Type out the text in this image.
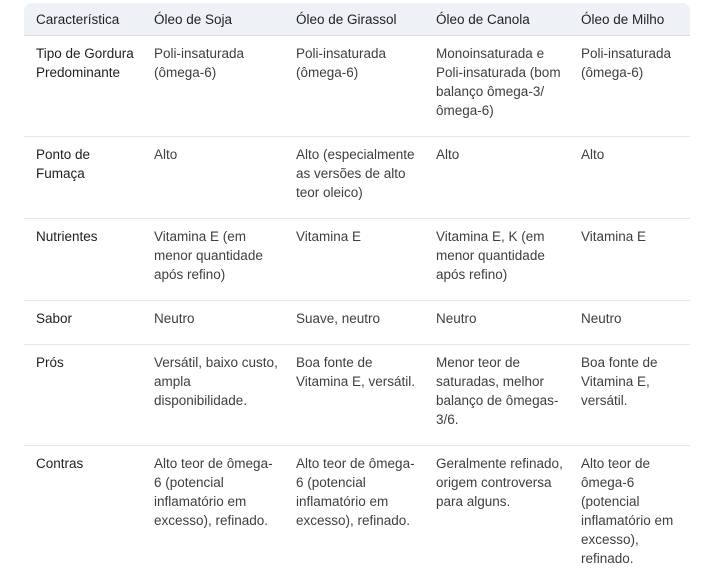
Característica	Óleo de Soja	Óleo de Girassol	Óleo de Canola	Óleo de Milho
Tipo de Gordura Predominante	Poli-insaturada (ômega-6)	Poli-insaturada (ômega-6)	Monoinsaturada e Poli-insaturada (bom balanço ômega-3/ômega-6)	Poli-insaturada (ômega-6)
Ponto de Fumaça	Alto	Alto (especialmente as versões de alto teor oleico)	Alto	Alto
Nutrientes	Vitamina E (em menor quantidade após refino)	Vitamina E	Vitamina E, K (em menor quantidade após refino)	Vitamina E
Sabor	Neutro	Suave, neutro	Neutro	Neutro
Prós	Versátil, baixo custo, ampla disponibilidade.	Boa fonte de Vitamina E, versátil.	Menor teor de saturadas, melhor balanço de ômegas-3/6.	Boa fonte de Vitamina E, versátil.
Contras	Alto teor de ômega-6 (potencial inflamatório em excesso), refinado.	Alto teor de ômega-6 (potencial inflamatório em excesso), refinado.	Geralmente refinado, origem controversa para alguns.	Alto teor de ômega-6 (potencial inflamatório em excesso), refinado.
